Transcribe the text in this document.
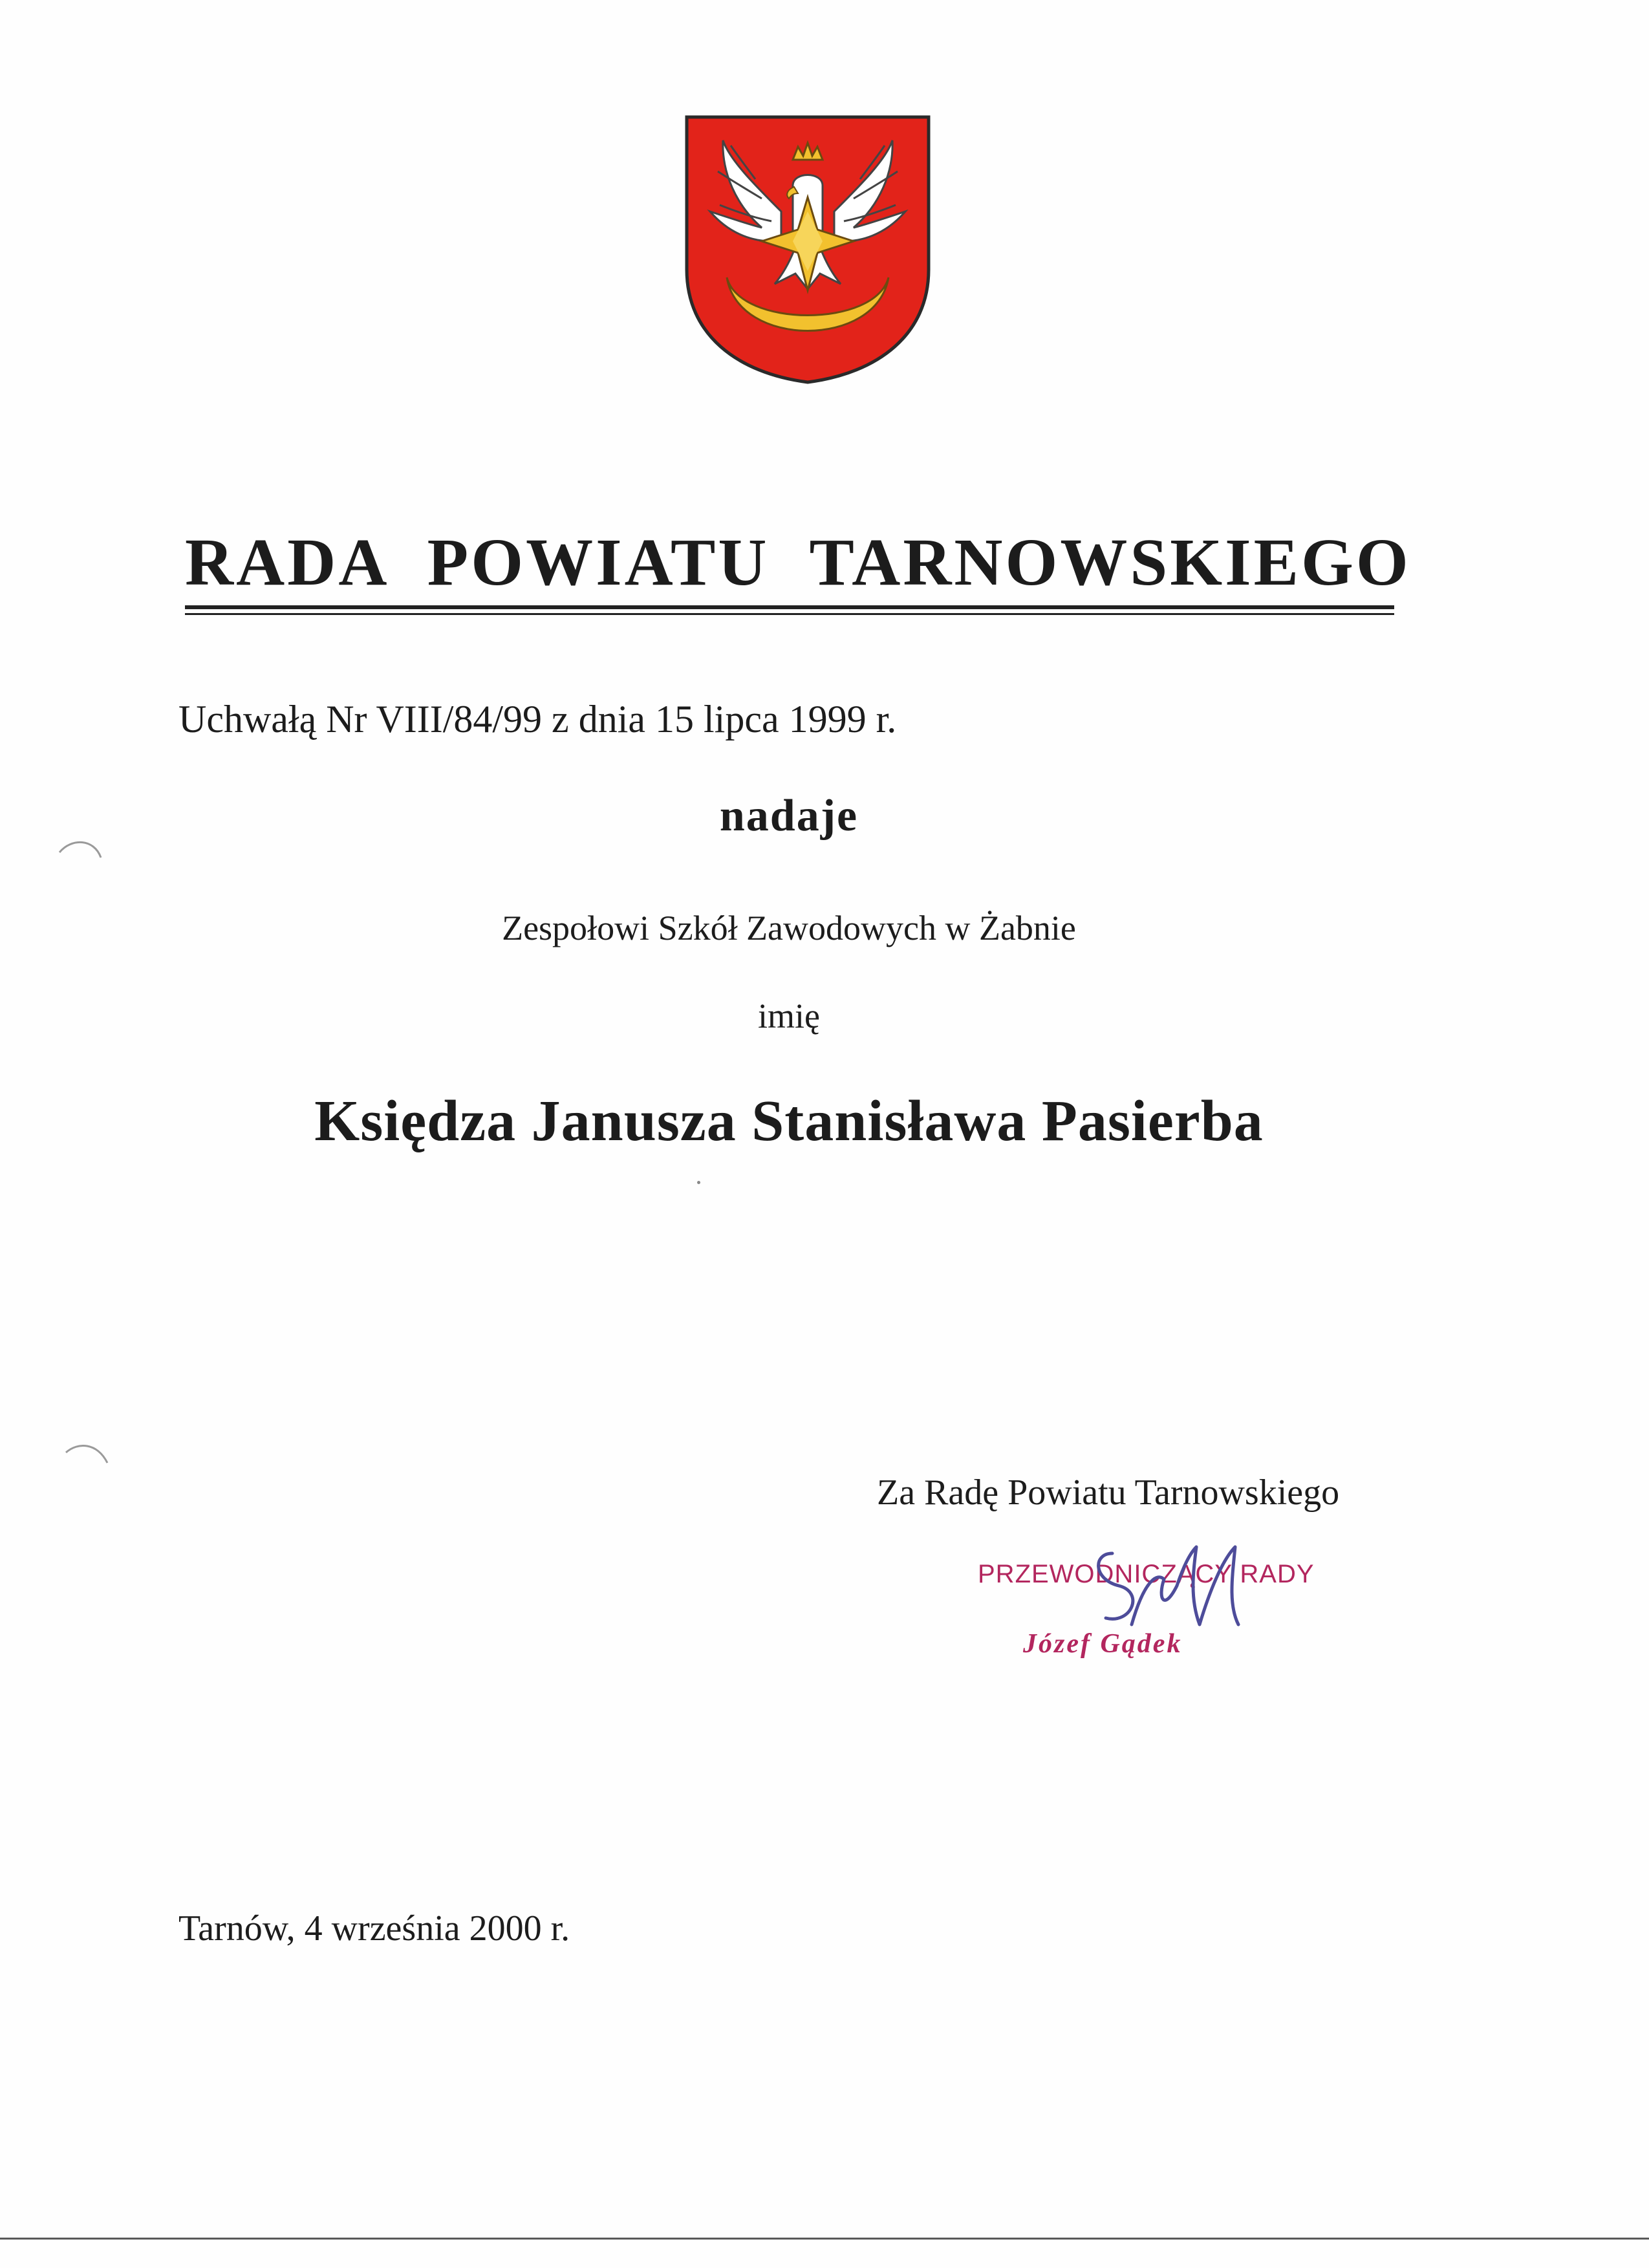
RADA POWIATU TARNOWSKIEGO
Uchwałą Nr VIII/84/99 z dnia 15 lipca 1999 r.
nadaje
Zespołowi Szkół Zawodowych w Żabnie
imię
Księdza Janusza Stanisława Pasierba
Za Radę Powiatu Tarnowskiego
PRZEWODNICZĄCY RADY
Józef Gądek
Tarnów, 4 września 2000 r.
